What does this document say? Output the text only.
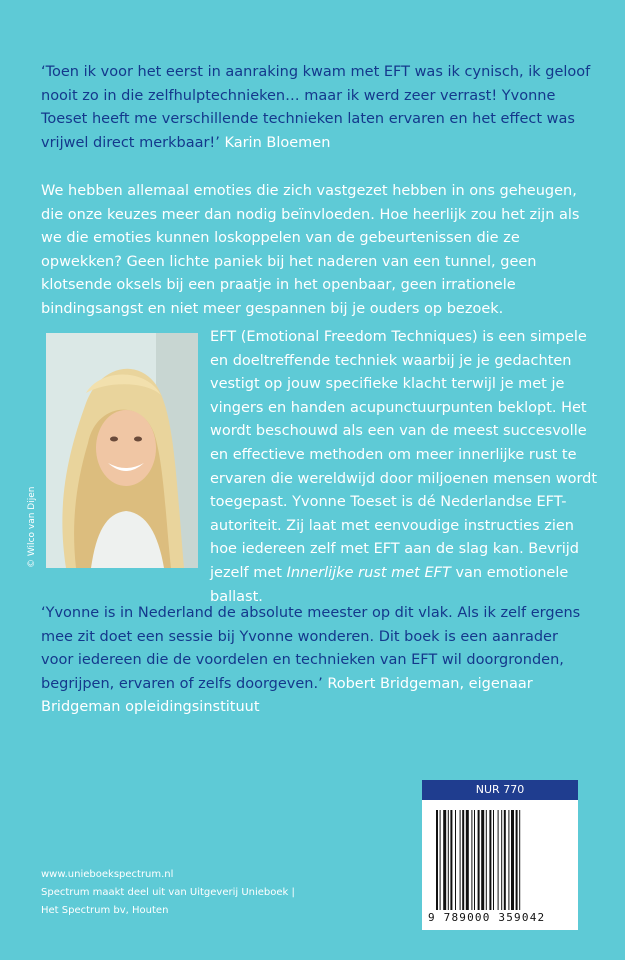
‘Toen ik voor het eerst in aanraking kwam met EFT was ik cynisch, ik geloof nooit zo in die zelfhulptechnieken… maar ik werd zeer verrast! Yvonne Toeset heeft me verschillende technieken laten ervaren en het effect was vrijwel direct merkbaar!’ Karin Bloemen

We hebben allemaal emoties die zich vastgezet hebben in ons geheugen, die onze keuzes meer dan nodig beïnvloeden. Hoe heerlijk zou het zijn als we die emoties kunnen loskoppelen van de gebeurtenissen die ze opwekken? Geen lichte paniek bij het naderen van een tunnel, geen klotsende oksels bij een praatje in het openbaar, geen irrationele bindingsangst en niet meer gespannen bij je ouders op bezoek.

© Wilco van Dijen

EFT (Emotional Freedom Techniques) is een simpele en doeltreffende techniek waarbij je je gedachten vestigt op jouw specifieke klacht terwijl je met je vingers en handen acupunctuurpunten beklopt. Het wordt beschouwd als een van de meest succesvolle en effectieve methoden om meer innerlijke rust te ervaren die wereldwijd door miljoenen mensen wordt toegepast. Yvonne Toeset is dé Nederlandse EFT-autoriteit. Zij laat met eenvoudige instructies zien hoe iedereen zelf met EFT aan de slag kan. Bevrijd jezelf met Innerlijke rust met EFT van emotionele ballast.

‘Yvonne is in Nederland de absolute meester op dit vlak. Als ik zelf ergens mee zit doet een sessie bij Yvonne wonderen. Dit boek is een aanrader voor iedereen die de voordelen en technieken van EFT wil doorgronden, begrijpen, ervaren of zelfs doorgeven.’ Robert Bridgeman, eigenaar Bridgeman opleidingsinstituut

www.unieboekspectrum.nl
Spectrum maakt deel uit van Uitgeverij Unieboek |
Het Spectrum bv, Houten
NUR 770
9 789000 359042
